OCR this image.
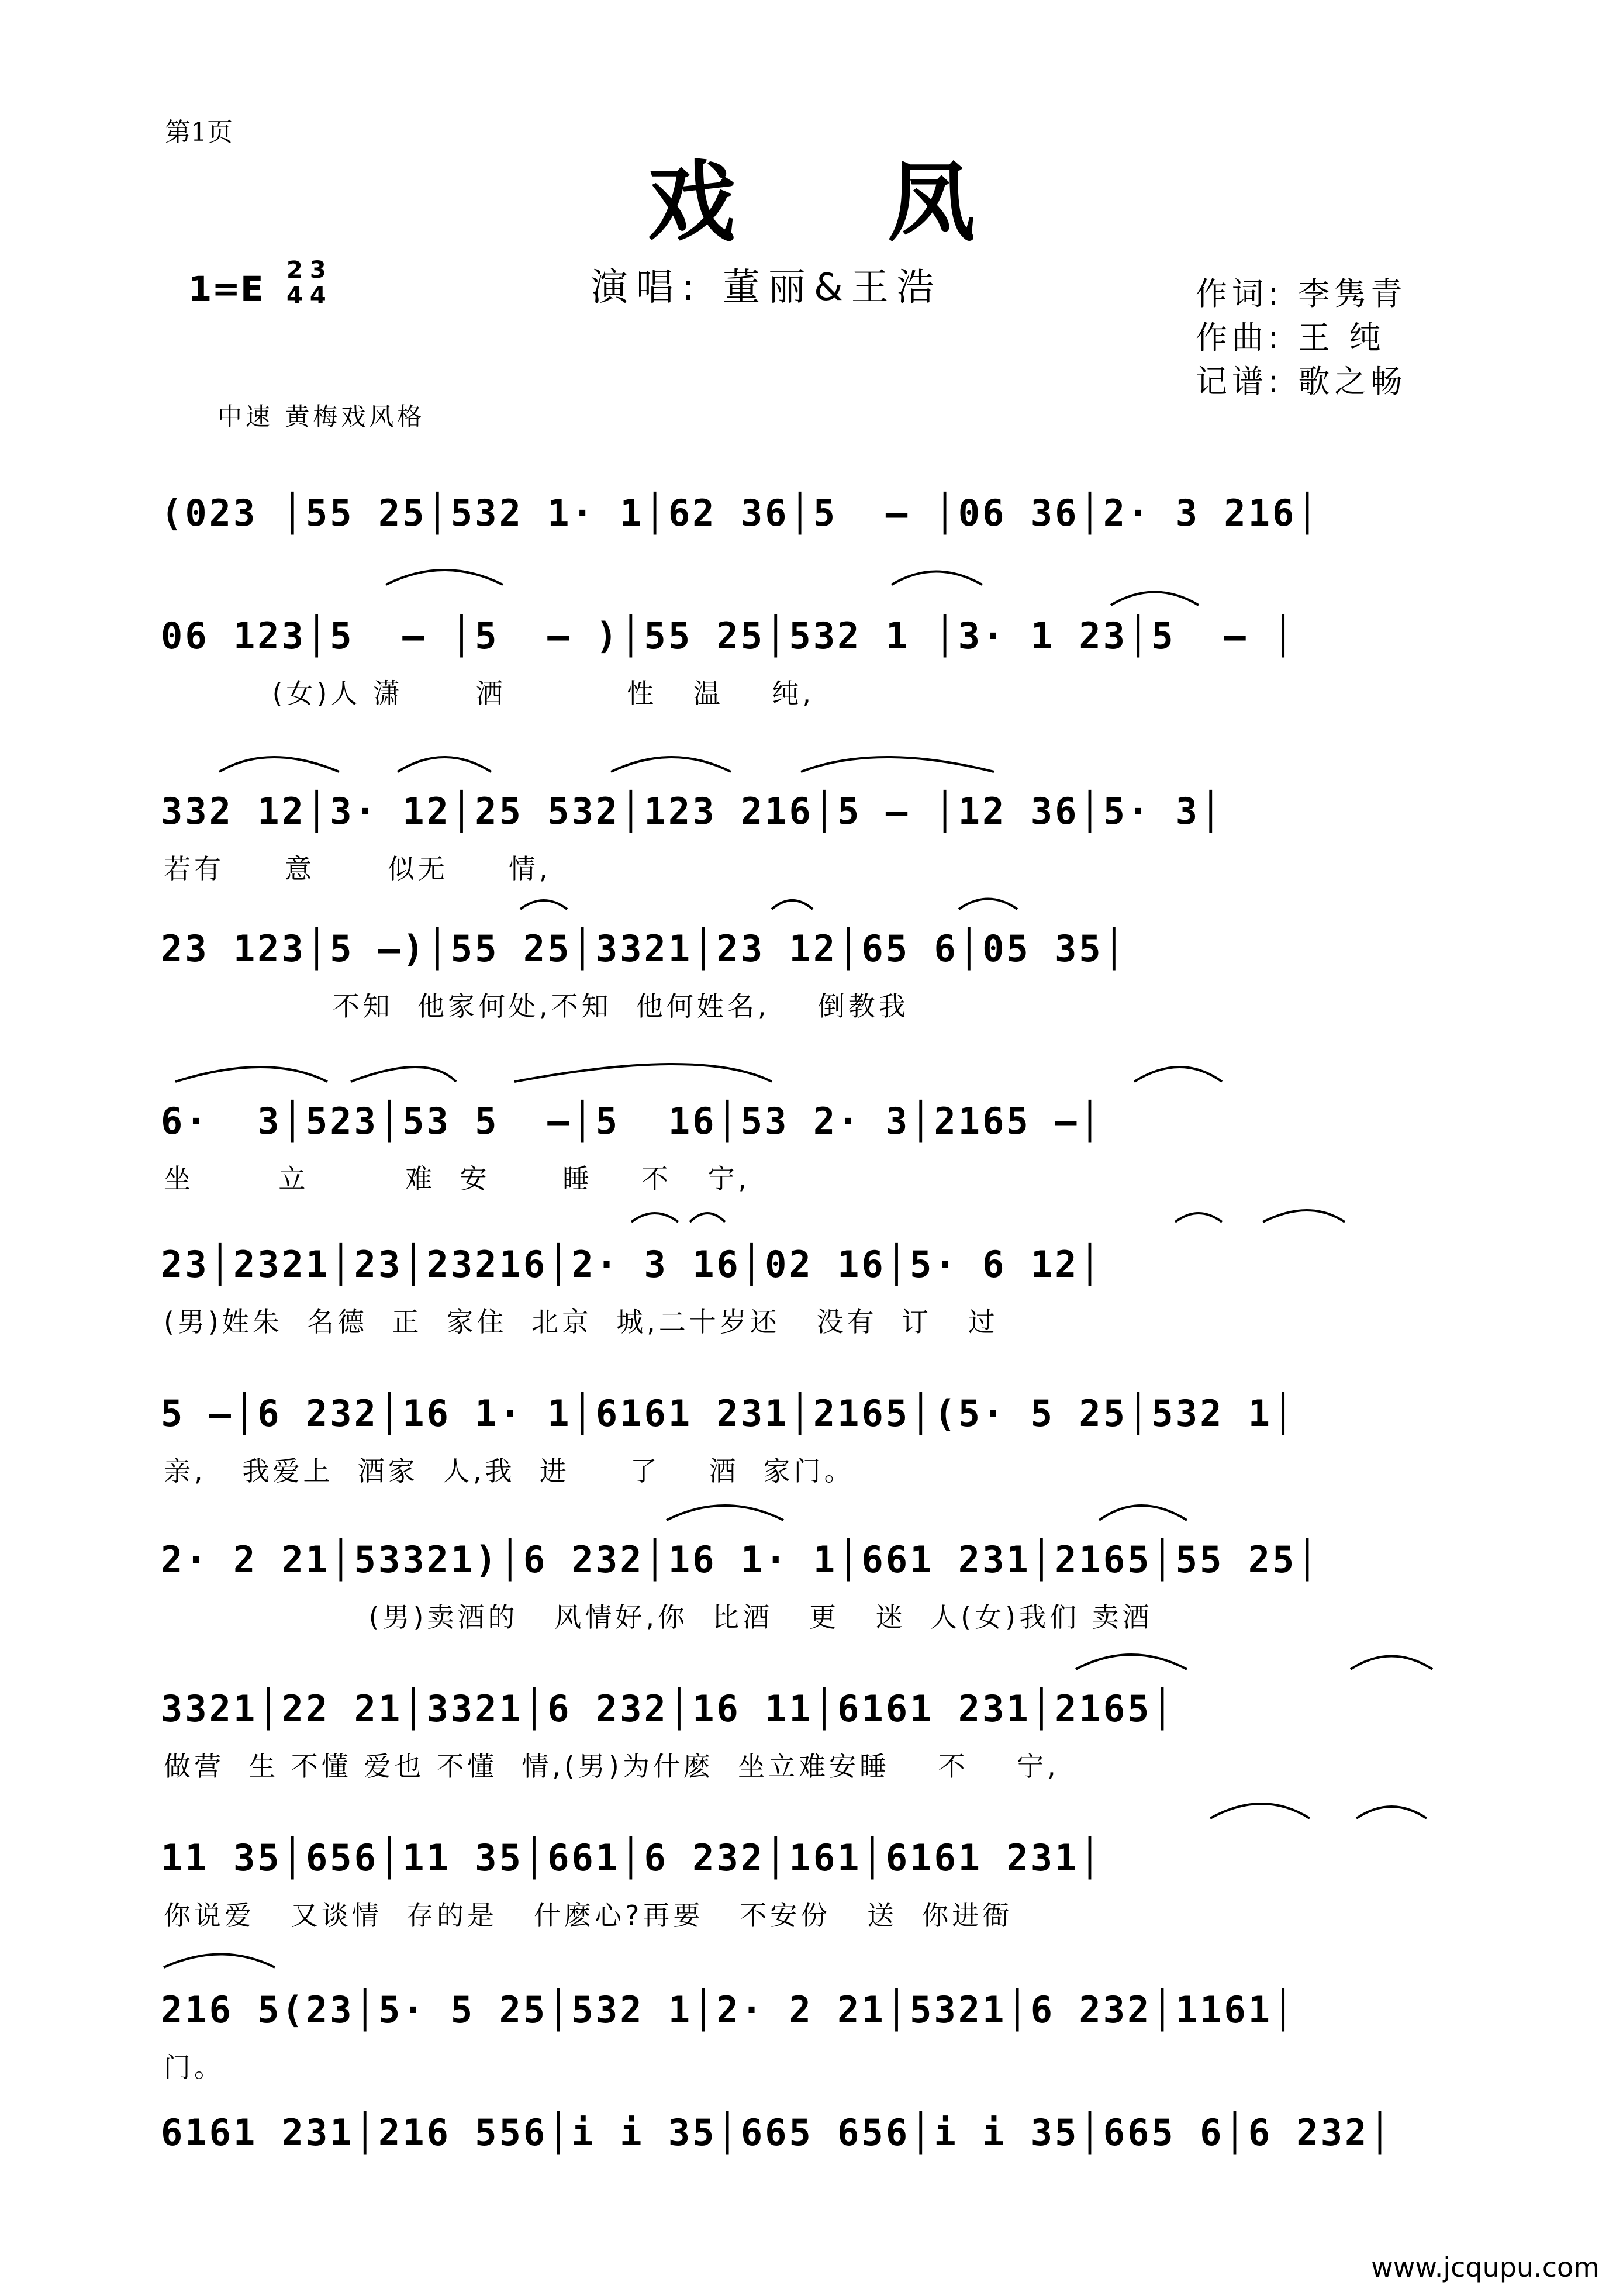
第1页
戏凤
1=E 2
4
3
4	演唱: 董丽&王浩	作词: 李隽青
作曲: 王 纯
记谱: 歌之畅
中速 黄梅戏风格
(023 │55 25│532 1· 1│62 36│5  – │06 36│2· 3 216│
06 123│5  – │5  – )│55 25│532 1 │3· 1 23│5  – │
(女)人 潇      洒          性   温    纯,
332 12│3· 12│25 532│123 216│5 – │12 36│5· 3│
若有     意      似无     情,
23 123│5 –)│55 25│3321│23 12│65 6│05 35│
不知  他家何处,不知  他何姓名,    倒教我
6·  3│523│53 5  –│5  16│53 2· 3│2165 –│
坐       立        难  安      睡    不   宁,
23│2321│23│23216│2· 3 16│02 16│5· 6 12│
(男)姓朱  名德  正  家住  北京  城,二十岁还   没有  订   过
5 –│6 232│16 1· 1│6161 231│2165│(5· 5 25│532 1│
亲,   我爱上  酒家  人,我  进     了    酒  家门。
2· 2 21│53321)│6 232│16 1· 1│661 231│2165│55 25│
(男)卖酒的   风情好,你  比酒   更   迷  人(女)我们 卖酒
3321│22 21│3321│6 232│16 11│6161 231│2165│
做营  生 不懂 爱也 不懂  情,(男)为什麽  坐立难安睡    不    宁,
11 35│656│11 35│661│6 232│161│6161 231│
你说爱   又谈情  存的是   什麽心?再要   不安份   送  你进衙
216 5(23│5· 5 25│532 1│2· 2 21│5321│6 232│1161│
门。
6161 231│216 556│i i 35│665 656│i i 35│665 6│6 232│
www.jcqupu.com
